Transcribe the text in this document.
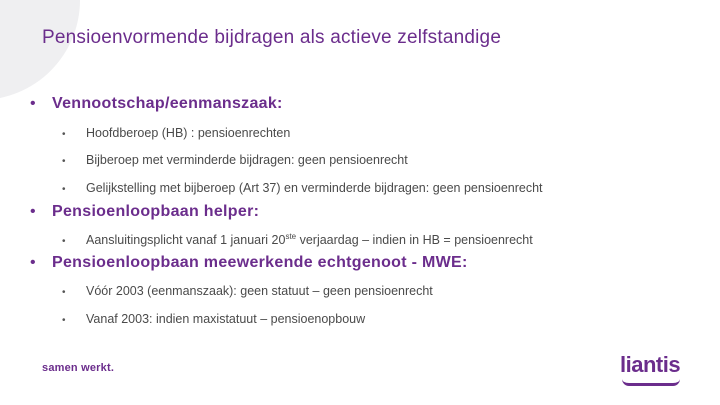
Pensioenvormende bijdragen als actieve zelfstandige
• Vennootschap/eenmanszaak:
• Hoofdberoep (HB) : pensioenrechten
• Bijberoep met verminderde bijdragen: geen pensioenrecht
• Gelijkstelling met bijberoep (Art 37) en verminderde bijdragen: geen pensioenrecht
• Pensioenloopbaan helper:
• Aansluitingsplicht vanaf 1 januari 20ste verjaardag – indien in HB = pensioenrecht
• Pensioenloopbaan meewerkende echtgenoot - MWE:
• Vóór 2003 (eenmanszaak): geen statuut – geen pensioenrecht
• Vanaf 2003: indien maxistatuut – pensioenopbouw
samen werkt.	liantis
